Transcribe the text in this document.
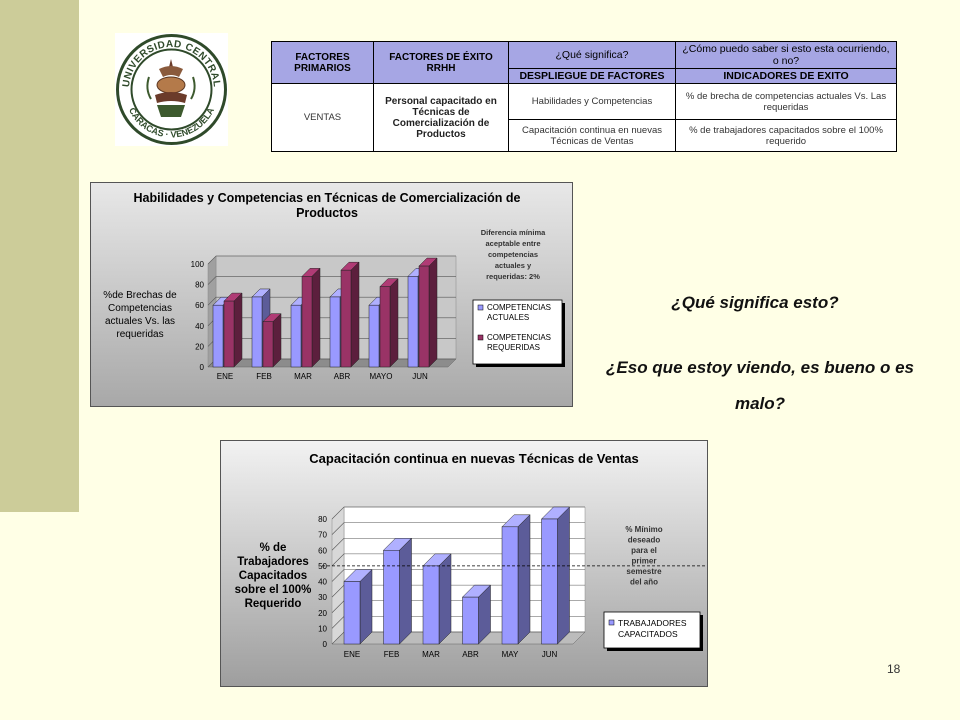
UNIVERSIDAD CENTRAL
CARACAS · VENEZUELA
FACTORES PRIMARIOS	FACTORES DE ÉXITO RRHH	¿Qué significa?	¿Cómo puedo saber si esto esta ocurriendo, o no?
		DESPLIEGUE DE FACTORES	INDICADORES DE EXITO
VENTAS	Personal capacitado en Técnicas de Comercialización de Productos	Habilidades y Competencias	% de brecha de competencias actuales Vs. Las requeridas
		Capacitación continua en nuevas Técnicas de Ventas	% de trabajadores capacitados sobre el 100% requerido
Habilidades y Competencias en Técnicas de Comercialización de Productos
0
20
40
60
80
100
ENE	FEB	MAR	ABR MAYO JUN
%de Brechas de Competencias actuales Vs. las requeridas
Diferencia mínima aceptable entre competencias actuales y requeridas: 2%
COMPETENCIAS ACTUALES
COMPETENCIAS REQUERIDAS
Capacitación continua en nuevas Técnicas de Ventas
0
10
20
30
40
50
60
70
80
ENE	FEB	MAR	ABR	MAY	JUN
% de Trabajadores Capacitados sobre el 100% Requerido
% Mínimo deseado para el primer semestre del año
TRABAJADORES CAPACITADOS
¿Qué significa esto?
¿Eso que estoy viendo, es bueno o es malo?
18
